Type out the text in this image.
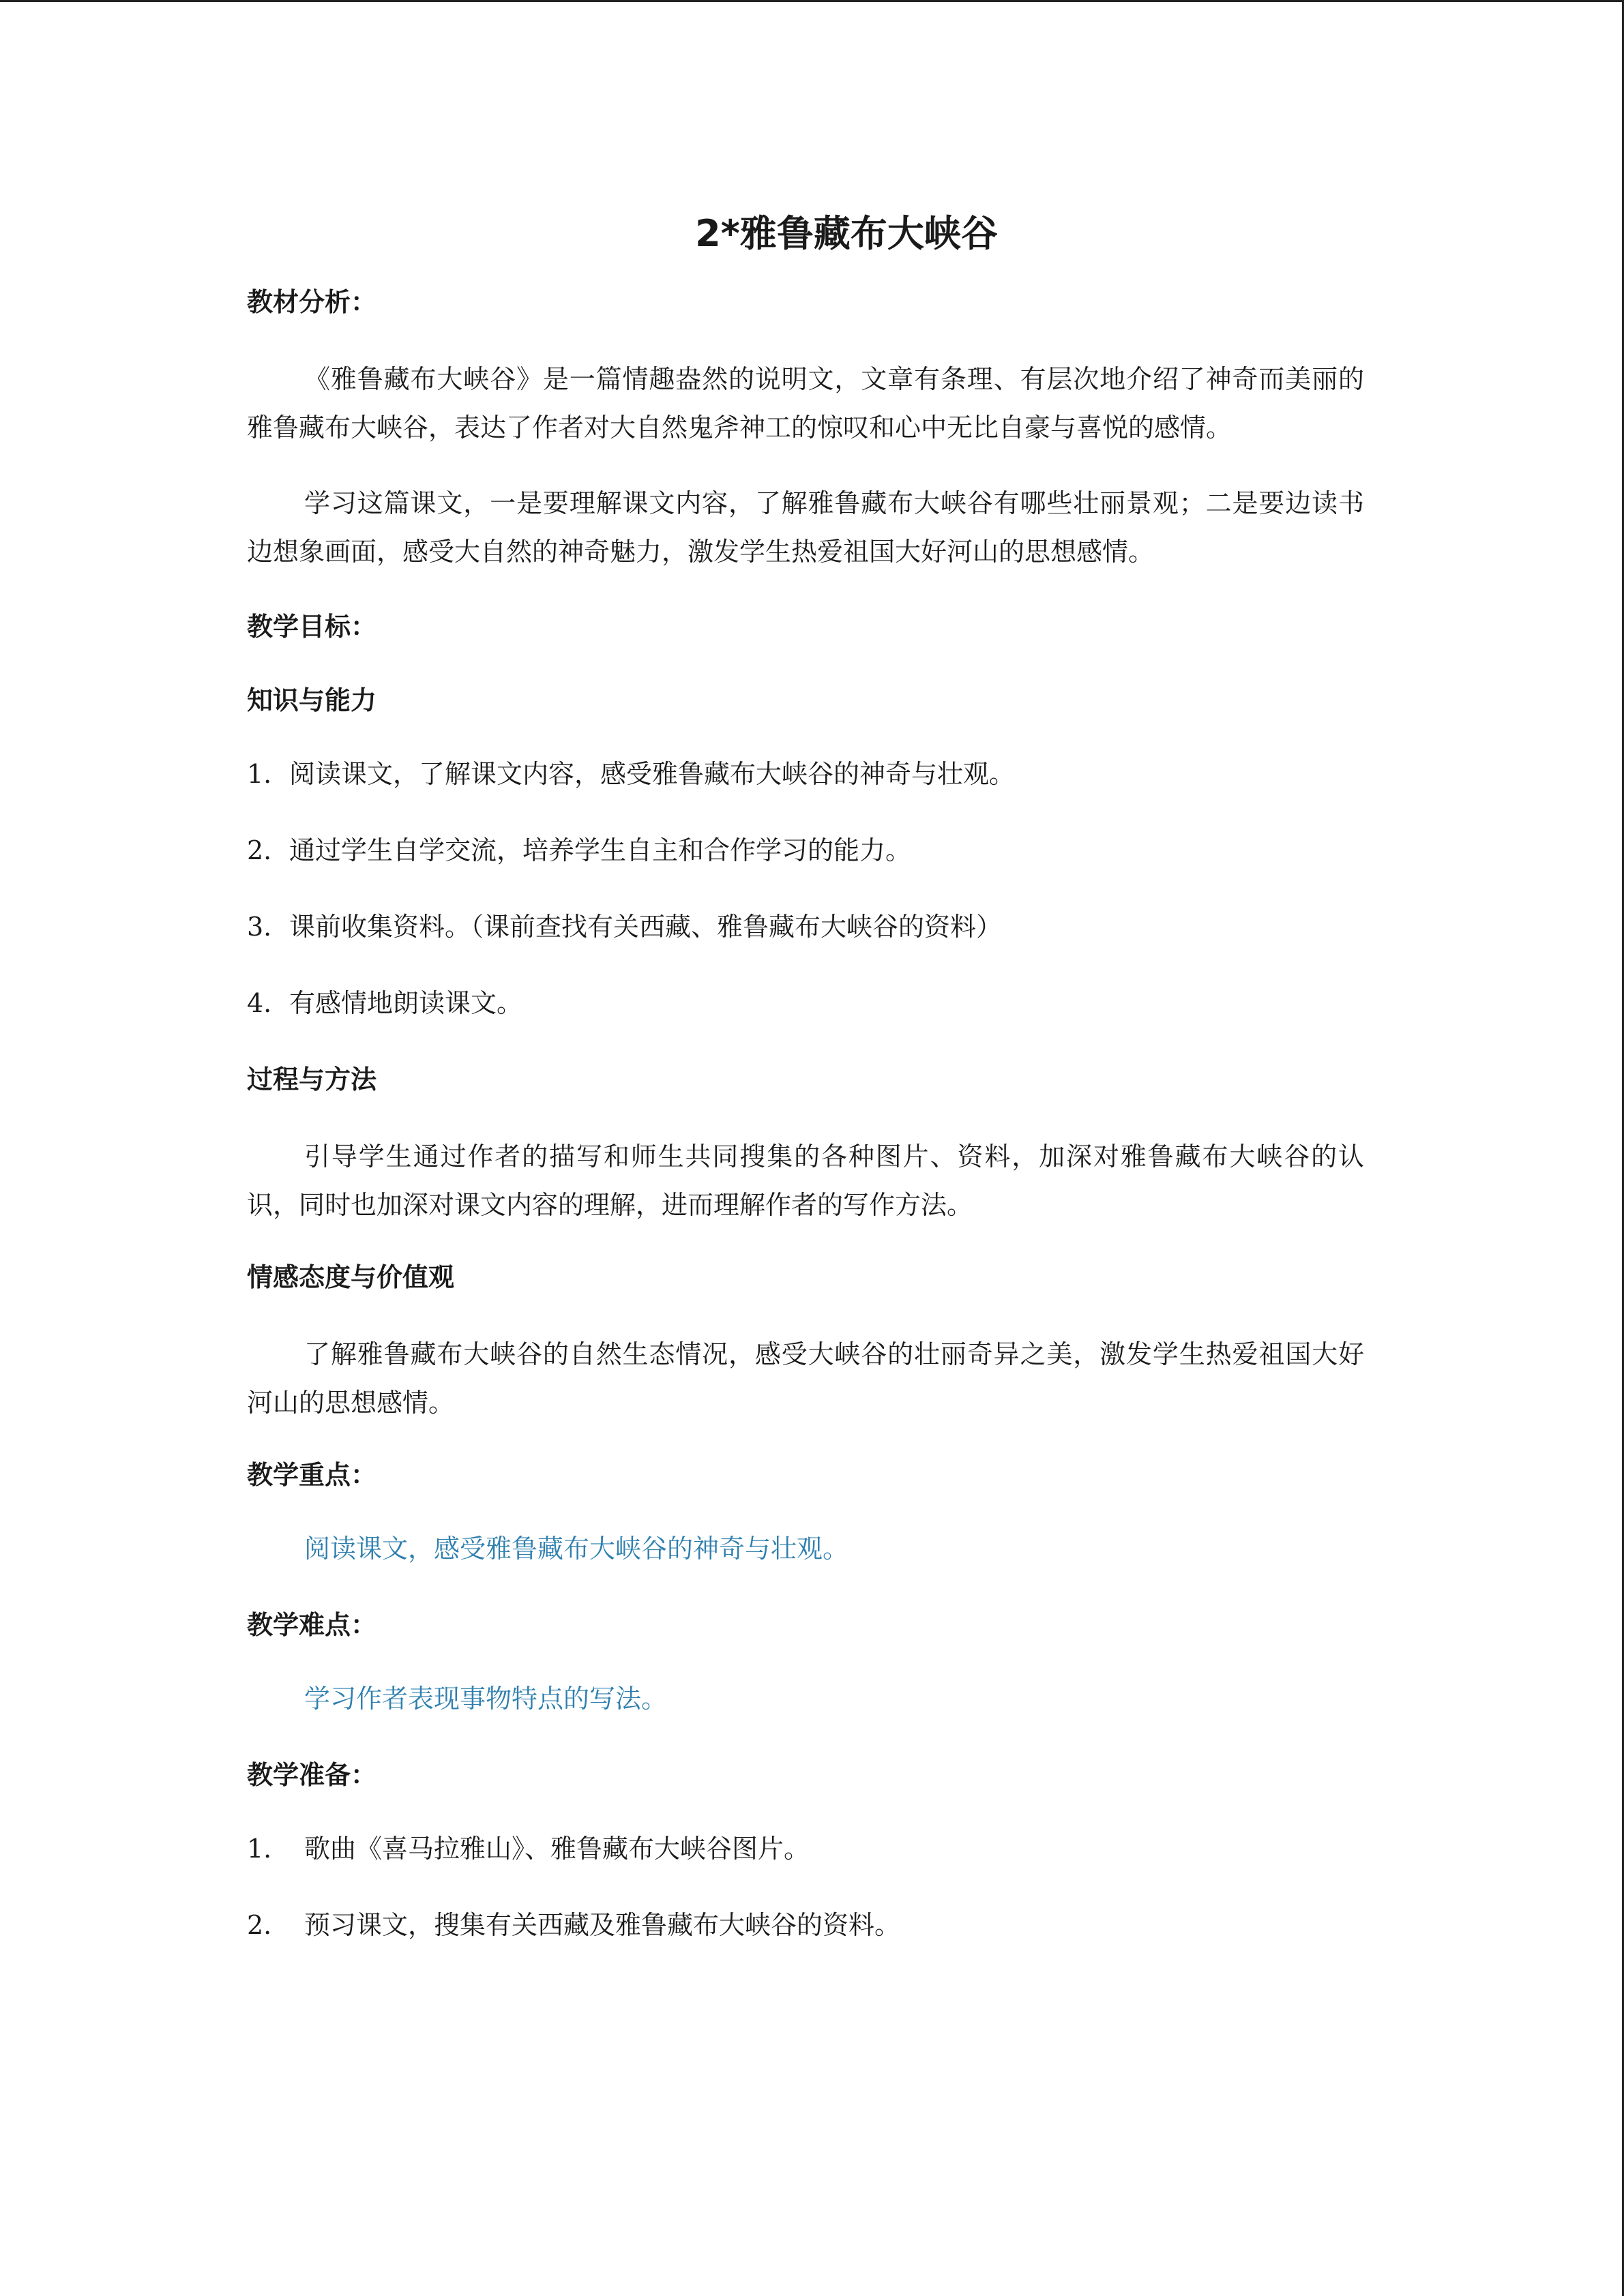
2*雅鲁藏布大峡谷
教材分析：
《雅鲁藏布大峡谷》是一篇情趣盎然的说明文，文章有条理、有层次地介绍了神奇而美丽的雅鲁藏布大峡谷，表达了作者对大自然鬼斧神工的惊叹和心中无比自豪与喜悦的感情。
学习这篇课文，一是要理解课文内容，了解雅鲁藏布大峡谷有哪些壮丽景观；二是要边读书边想象画面，感受大自然的神奇魅力，激发学生热爱祖国大好河山的思想感情。
教学目标：
知识与能力
1. 阅读课文，了解课文内容，感受雅鲁藏布大峡谷的神奇与壮观。
2. 通过学生自学交流，培养学生自主和合作学习的能力。
3. 课前收集资料。（课前查找有关西藏、雅鲁藏布大峡谷的资料）
4. 有感情地朗读课文。
过程与方法
引导学生通过作者的描写和师生共同搜集的各种图片、资料，加深对雅鲁藏布大峡谷的认识，同时也加深对课文内容的理解，进而理解作者的写作方法。
情感态度与价值观
了解雅鲁藏布大峡谷的自然生态情况，感受大峡谷的壮丽奇异之美，激发学生热爱祖国大好河山的思想感情。
教学重点：
阅读课文，感受雅鲁藏布大峡谷的神奇与壮观。
教学难点：
学习作者表现事物特点的写法。
教学准备：
1. 歌曲《喜马拉雅山》、雅鲁藏布大峡谷图片。
2. 预习课文，搜集有关西藏及雅鲁藏布大峡谷的资料。
